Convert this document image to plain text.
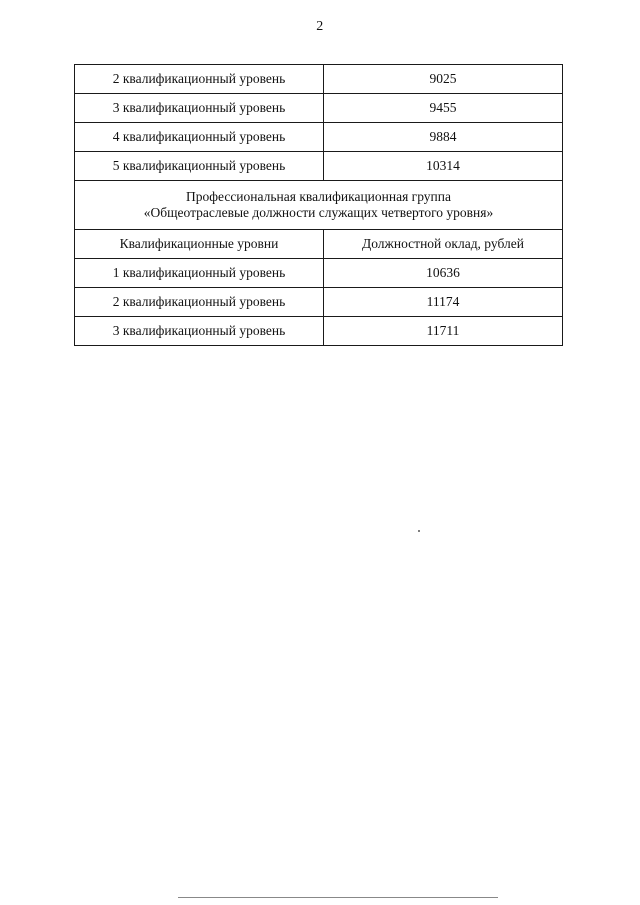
2
2 квалификационный уровень	9025
3 квалификационный уровень	9455
4 квалификационный уровень	9884
5 квалификационный уровень	10314

Профессиональная квалификационная группа
«Общеотраслевые должности служащих четвертого уровня»	

Квалификационные уровни	Должностной оклад, рублей
1 квалификационный уровень	10636
2 квалификационный уровень	11174
3 квалификационный уровень	11711
